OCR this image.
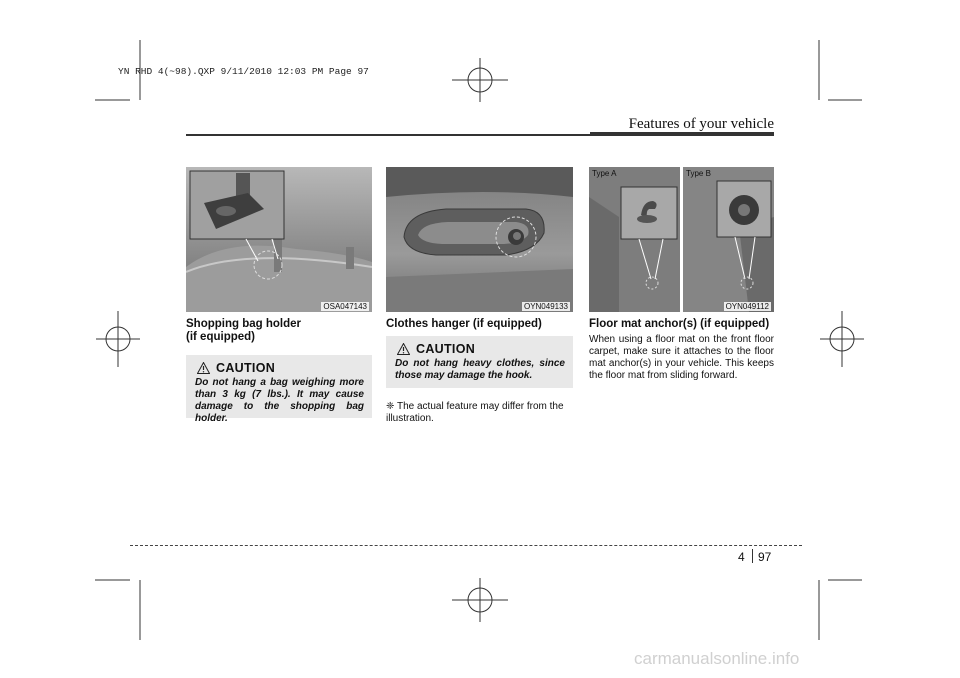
YN RHD 4(~98).QXP 9/11/2010 12:03 PM Page 97
Features of your vehicle
OSA047143
Shopping bag holder
(if equipped)
CAUTION
Do not hang a bag weighing more than 3 kg (7 lbs.). It may cause damage to the shopping bag holder.
OYN049133
Clothes hanger (if equipped)
CAUTION
Do not hang heavy clothes, since those may damage the hook.
❈ The actual feature may differ from the illustration.
Type A	Type B
OYN049112
Floor mat anchor(s) (if equipped)
When using a floor mat on the front floor carpet, make sure it attaches to the floor mat anchor(s) in your vehicle. This keeps the floor mat from sliding forward.
4 97
carmanualsonline.info
